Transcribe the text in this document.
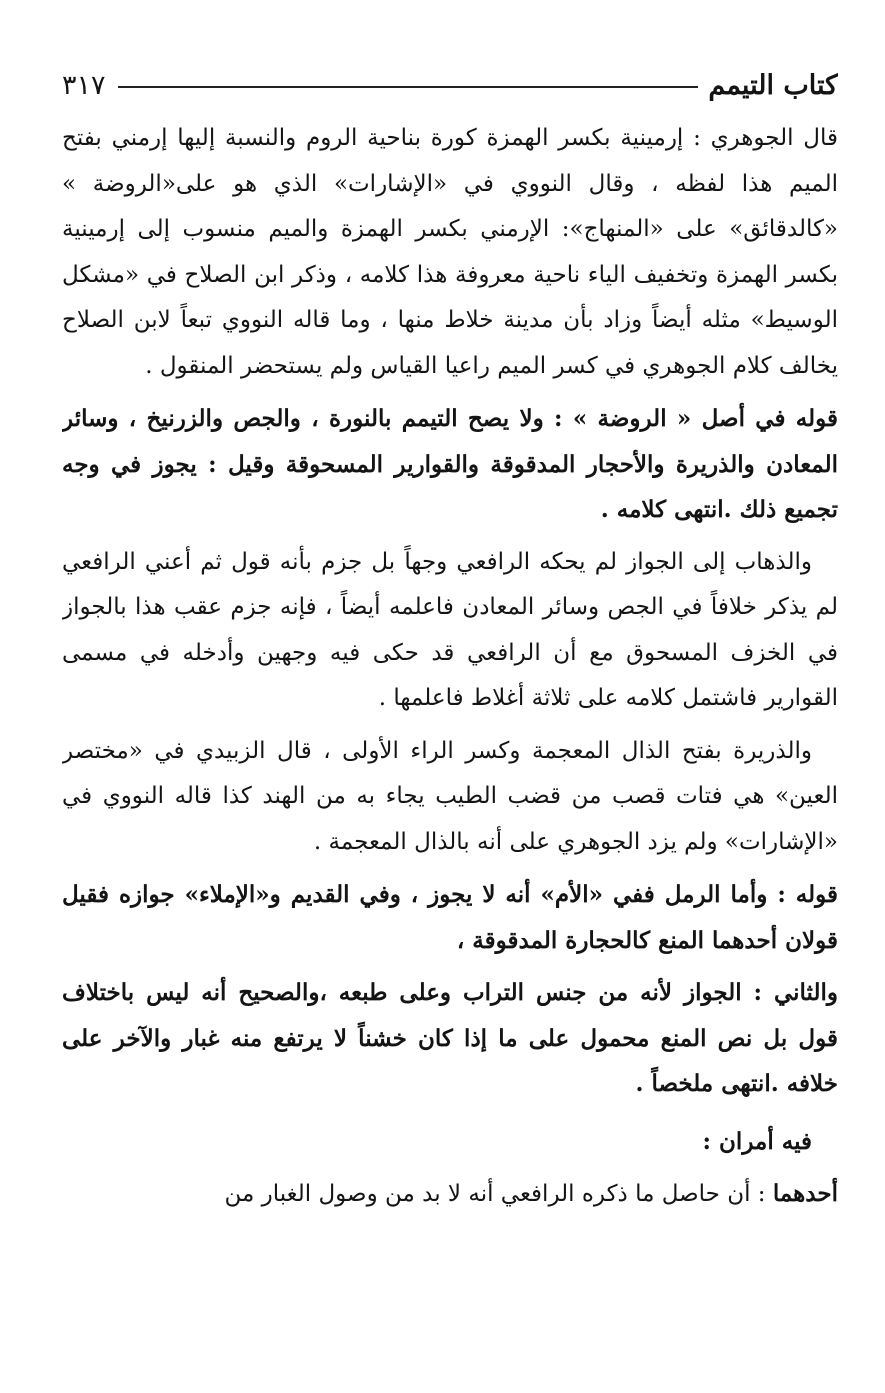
كتاب التيمم
٣١٧

قال الجوهري : إرمينية بكسر الهمزة كورة بناحية الروم والنسبة إليها إرمني بفتح الميم هذا لفظه ، وقال النووي في «الإشارات» الذي هو على«الروضة » «كالدقائق» على «المنهاج»: الإرمني بكسر الهمزة والميم منسوب إلى إرمينية بكسر الهمزة وتخفيف الياء ناحية معروفة هذا كلامه ، وذكر ابن الصلاح في «مشكل الوسيط» مثله أيضاً وزاد بأن مدينة خلاط منها ، وما قاله النووي تبعاً لابن الصلاح يخالف كلام الجوهري في كسر الميم راعيا القياس ولم يستحضر المنقول .

قوله في أصل « الروضة » : ولا يصح التيمم بالنورة ، والجص والزرنيخ ، وسائر المعادن والذريرة والأحجار المدقوقة والقوارير المسحوقة وقيل : يجوز في وجه تجميع ذلك .انتهى كلامه .

والذهاب إلى الجواز لم يحكه الرافعي وجهاً بل جزم بأنه قول ثم أعني الرافعي لم يذكر خلافاً في الجص وسائر المعادن فاعلمه أيضاً ، فإنه جزم عقب هذا بالجواز في الخزف المسحوق مع أن الرافعي قد حكى فيه وجهين وأدخله في مسمى القوارير فاشتمل كلامه على ثلاثة أغلاط فاعلمها .

والذريرة بفتح الذال المعجمة وكسر الراء الأولى ، قال الزبيدي في «مختصر العين» هي فتات قصب من قضب الطيب يجاء به من الهند كذا قاله النووي في «الإشارات» ولم يزد الجوهري على أنه بالذال المعجمة .

قوله : وأما الرمل ففي «الأم» أنه لا يجوز ، وفي القديم و«الإملاء» جوازه فقيل قولان أحدهما المنع كالحجارة المدقوقة ،

والثاني : الجواز لأنه من جنس التراب وعلى طبعه ،والصحيح أنه ليس باختلاف قول بل نص المنع محمول على ما إذا كان خشناً لا يرتفع منه غبار والآخر على خلافه .انتهى ملخصاً .

فيه أمران :

أحدهما : أن حاصل ما ذكره الرافعي أنه لا بد من وصول الغبار من
